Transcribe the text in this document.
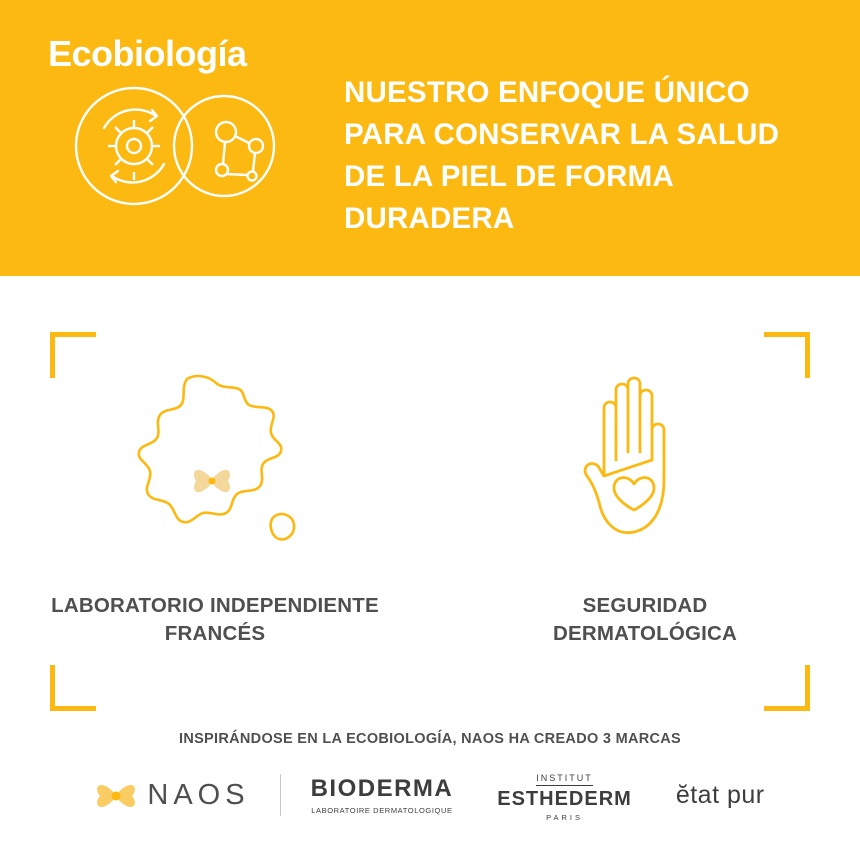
Ecobiología
NUESTRO ENFOQUE ÚNICO
PARA CONSERVAR LA SALUD
DE LA PIEL DE FORMA
DURADERA
LABORATORIO INDEPENDIENTE
FRANCÉS
SEGURIDAD
DERMATOLÓGICA
INSPIRÁNDOSE EN LA ECOBIOLOGÍA, NAOS HA CREADO 3 MARCAS
NAOS	BIODERMA
LABORATOIRE DERMATOLOGIQUE
INSTITUT
ESTHEDERM
PARIS
ĕtat pur
